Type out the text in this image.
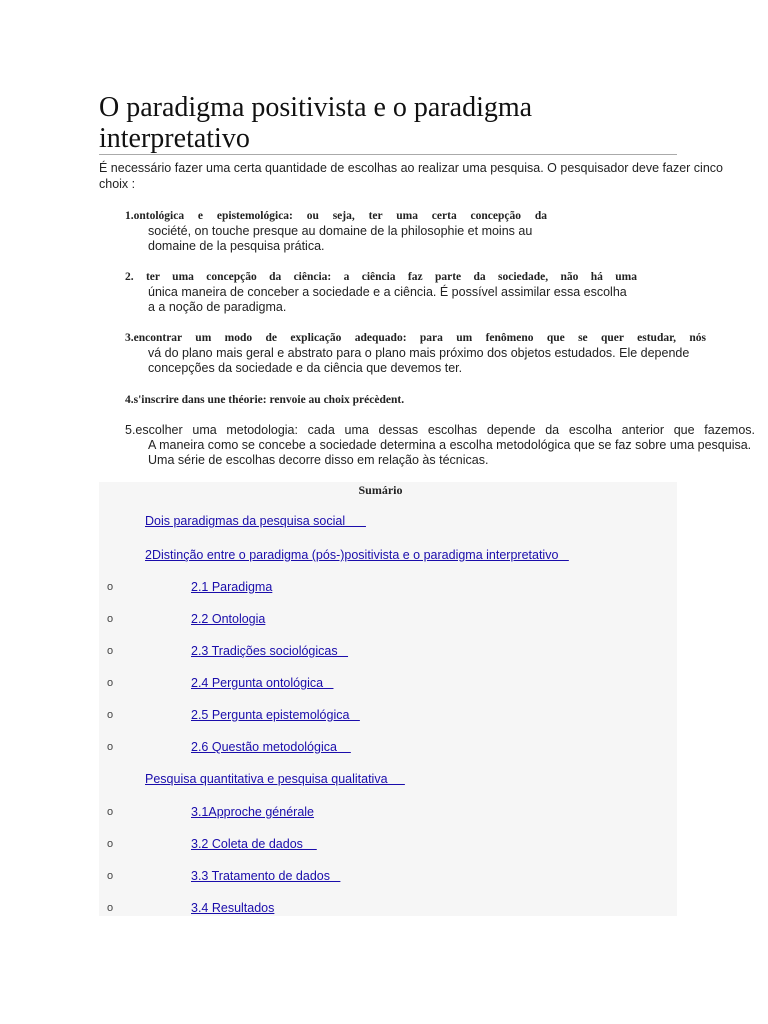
O paradigma positivista e o paradigma interpretativo

É necessário fazer uma certa quantidade de escolhas ao realizar uma pesquisa. O pesquisador deve fazer cinco choix :

1.ontológica e epistemológica: ou seja, ter uma certa concepção da
société, on touche presque au domaine de la philosophie et moins au domaine de la pesquisa prática.
2. ter uma concepção da ciência: a ciência faz parte da sociedade, não há uma
única maneira de conceber a sociedade e a ciência. É possível assimilar essa escolha a a noção de paradigma.
3.encontrar um modo de explicação adequado: para um fenômeno que se quer estudar, nós
vá do plano mais geral e abstrato para o plano mais próximo dos objetos estudados. Ele depende concepções da sociedade e da ciência que devemos ter.
4.s'inscrire dans une théorie: renvoie au choix précèdent.
5.escolher uma metodologia: cada uma dessas escolhas depende da escolha anterior que fazemos.
A maneira como se concebe a sociedade determina a escolha metodológica que se faz sobre uma pesquisa. Uma série de escolhas decorre disso em relação às técnicas.
Sumário
Dois paradigmas da pesquisa social
2Distinção entre o paradigma (pós-)positivista e o paradigma interpretativo
o	2.1 Paradigma
o	2.2 Ontologia
o	2.3 Tradições sociológicas
o	2.4 Pergunta ontológica
o	2.5 Pergunta epistemológica
o	2.6 Questão metodológica
Pesquisa quantitativa e pesquisa qualitativa
o	3.1Approche générale
o	3.2 Coleta de dados
o	3.3 Tratamento de dados
o	3.4 Resultados
